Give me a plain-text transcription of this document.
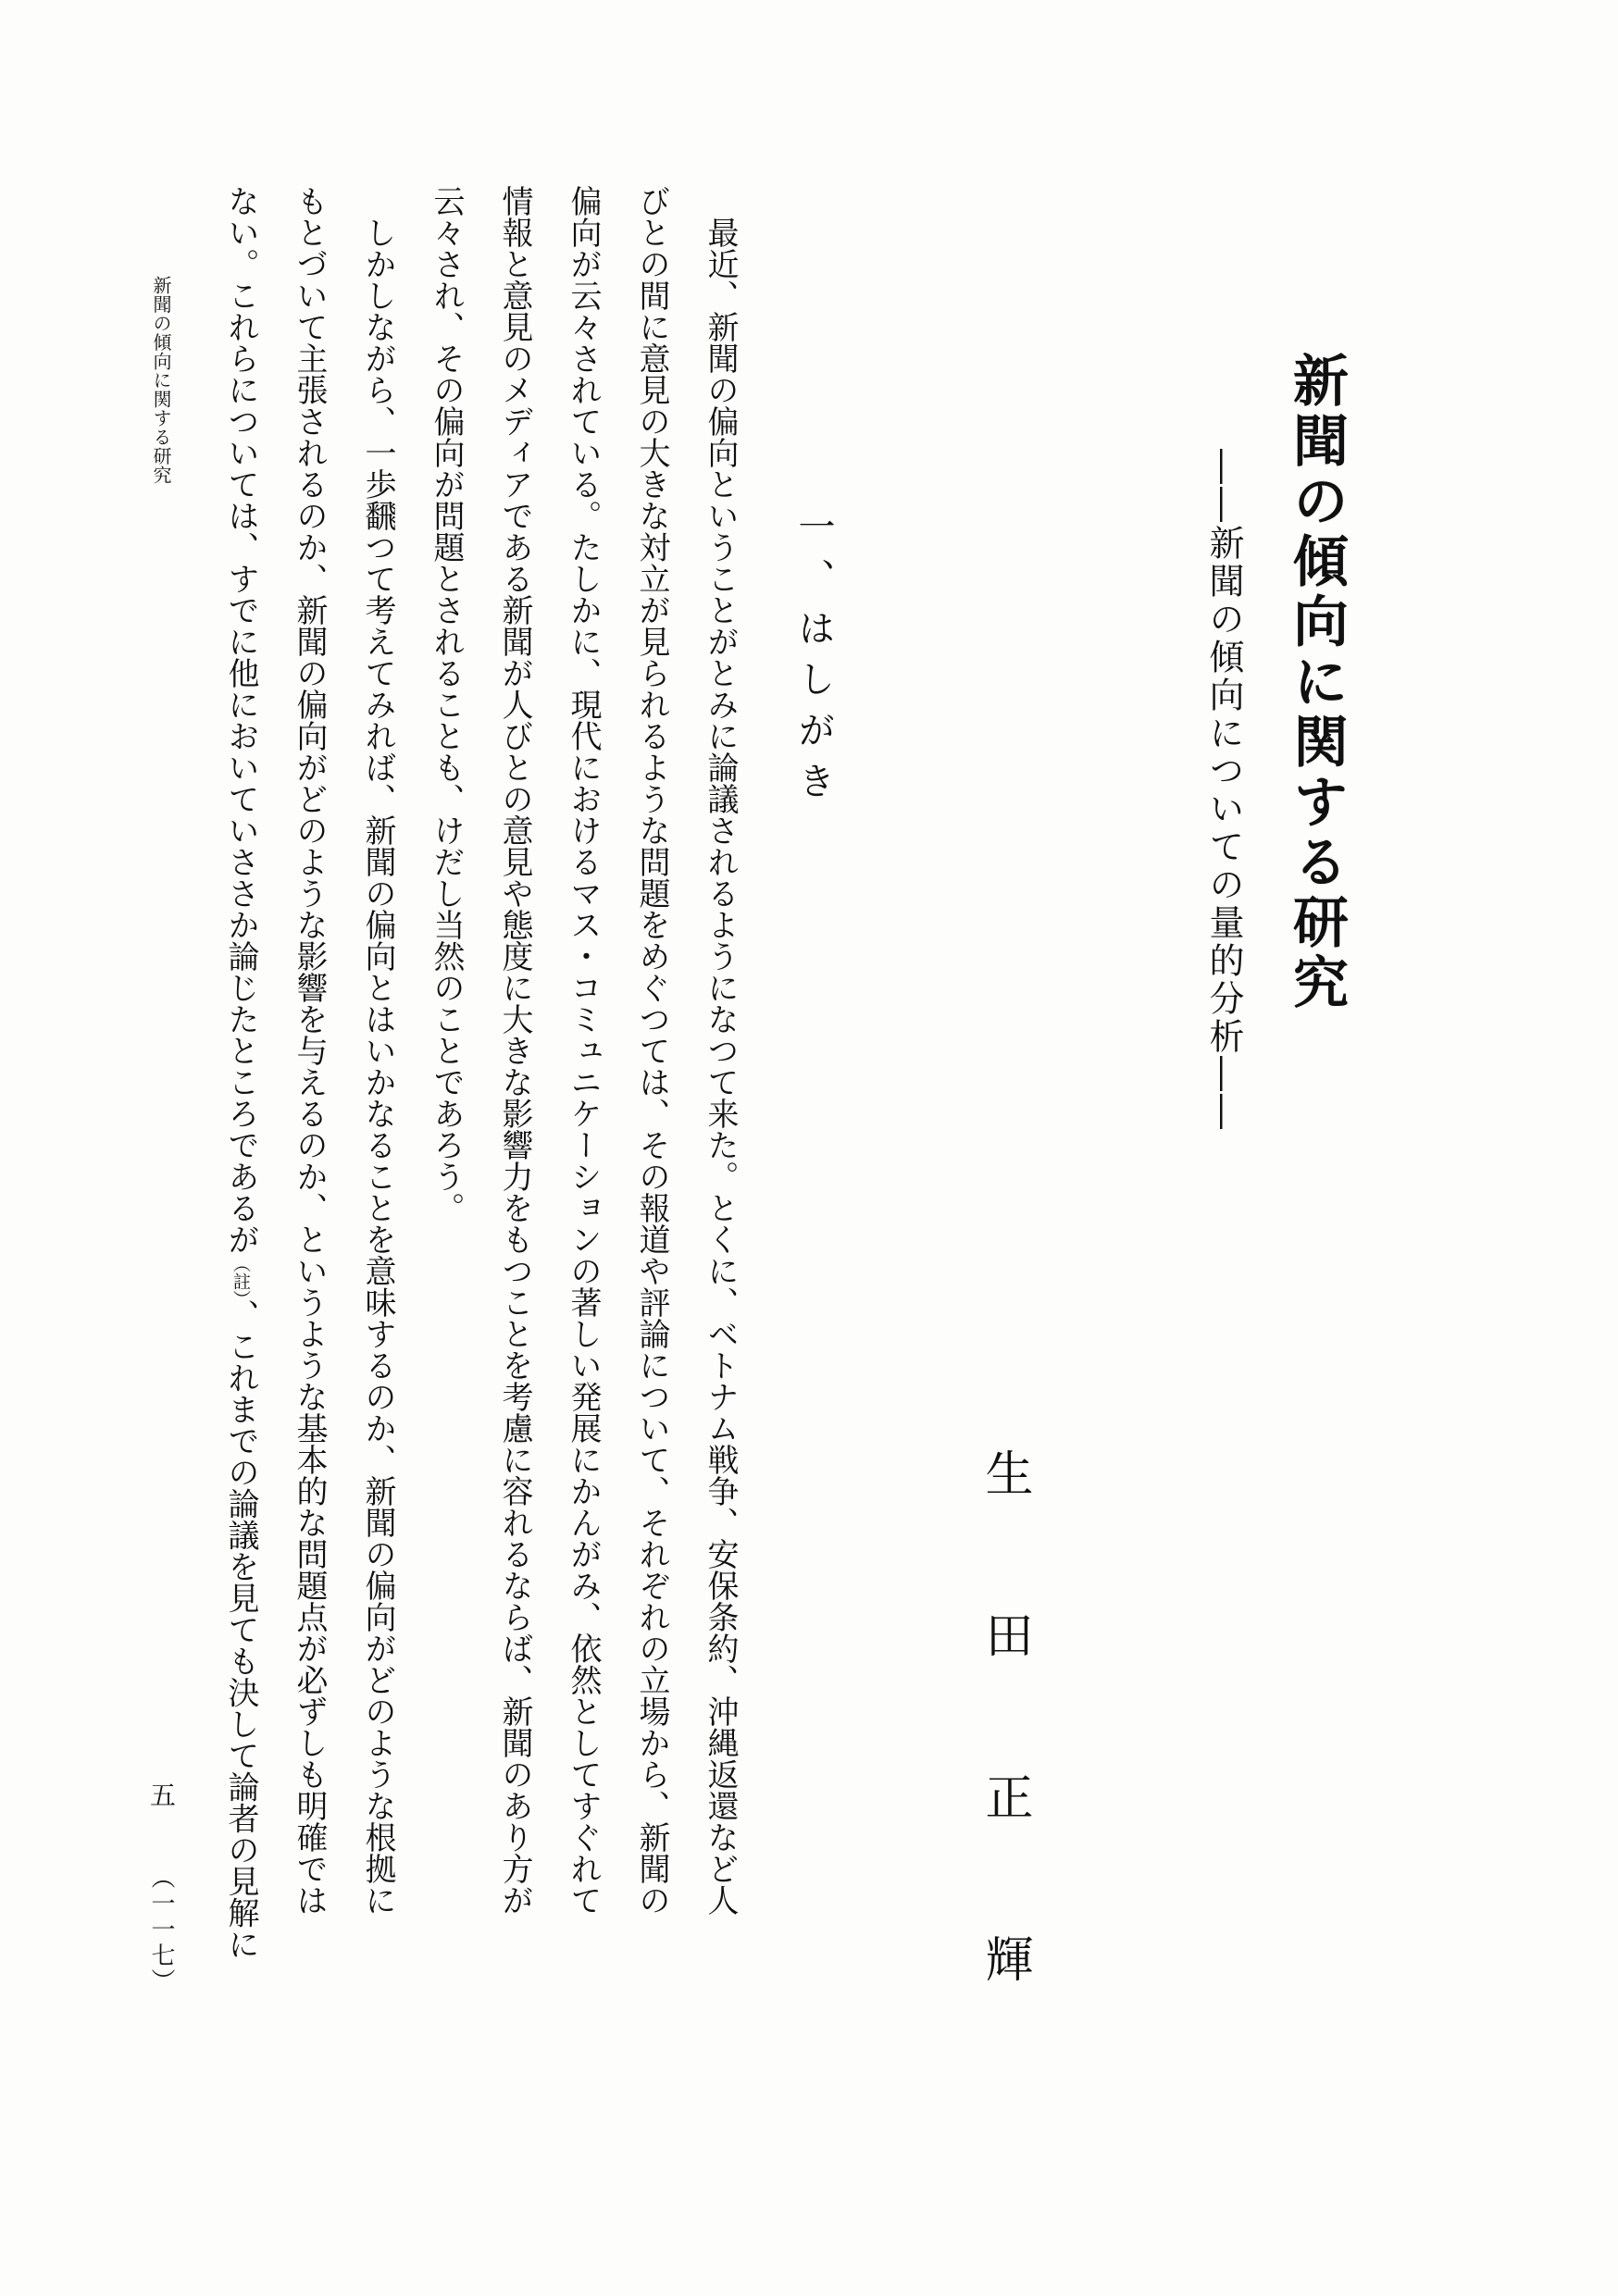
新聞の傾向に関する研究
――新聞の傾向についての量的分析――
生田正輝
一、はしがき
最近、新聞の偏向ということがとみに論議されるようになつて来た。とくに、ベトナム戦争、安保条約、沖縄返還など人
びとの間に意見の大きな対立が見られるような問題をめぐつては、その報道や評論について、それぞれの立場から、新聞の
偏向が云々されている。たしかに、現代におけるマス・コミュニケーションの著しい発展にかんがみ、依然としてすぐれて
情報と意見のメディアである新聞が人びとの意見や態度に大きな影響力をもつことを考慮に容れるならば、新聞のあり方が
云々され、その偏向が問題とされることも、けだし当然のことであろう。
しかしながら、一歩飜つて考えてみれば、新聞の偏向とはいかなることを意味するのか、新聞の偏向がどのような根拠に
もとづいて主張されるのか、新聞の偏向がどのような影響を与えるのか、というような基本的な問題点が必ずしも明確では
ない。これらについては、すでに他においていささか論じたところであるが（註）、これまでの論議を見ても決して論者の見解に
新聞の傾向に関する研究
五
（一一七）
